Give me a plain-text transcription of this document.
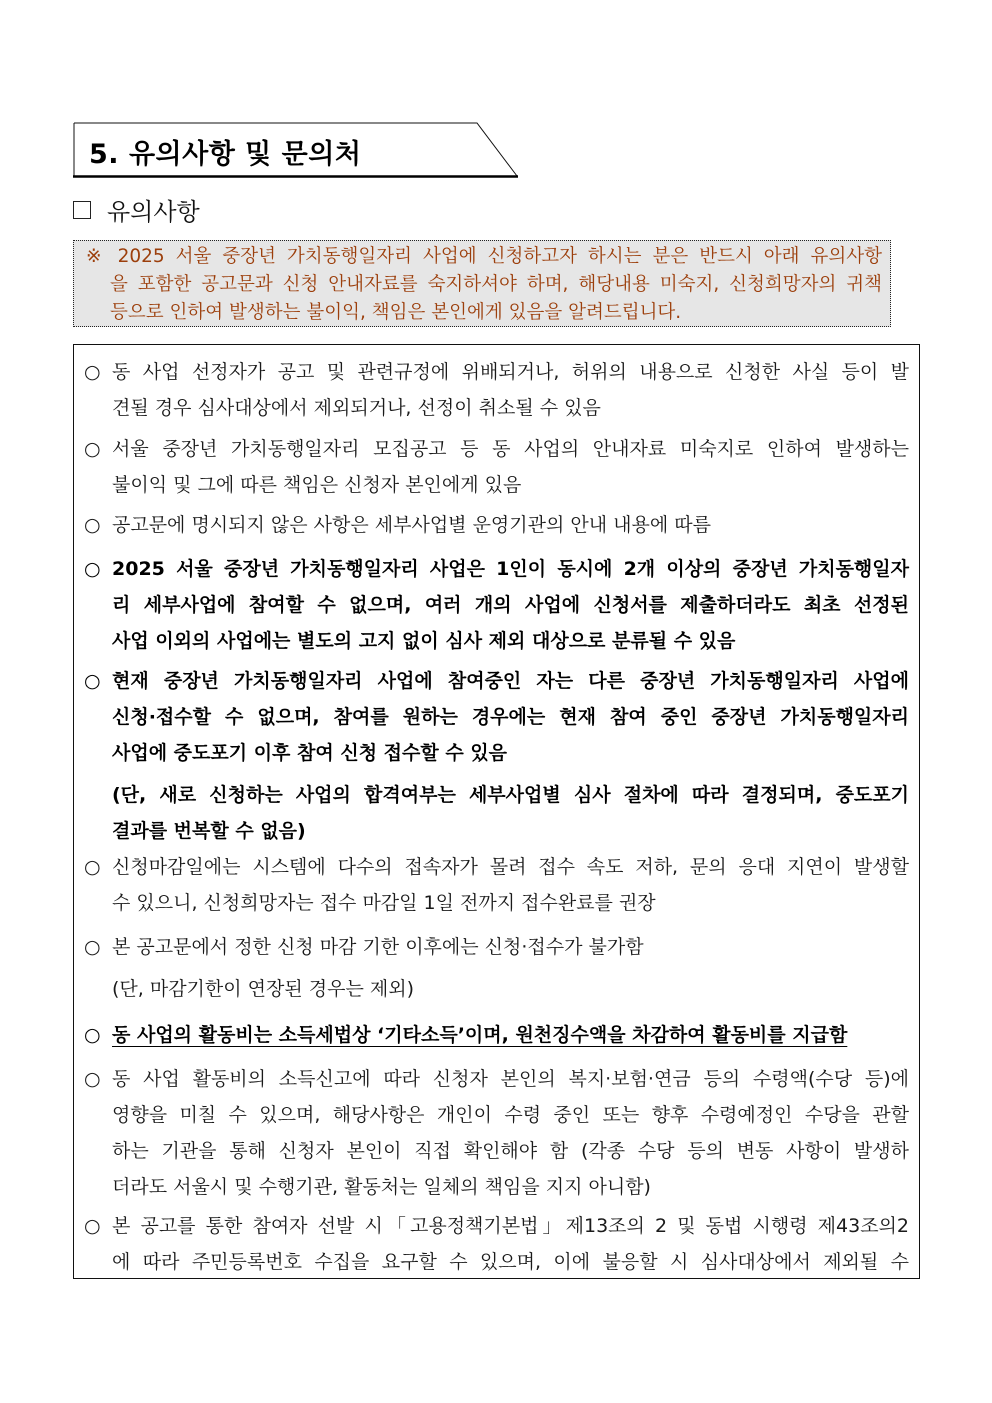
5. 유의사항 및 문의처
유의사항
※ 2025 서울 중장년 가치동행일자리 사업에 신청하고자 하시는 분은 반드시 아래 유의사항
을 포함한 공고문과 신청 안내자료를 숙지하셔야 하며, 해당내용 미숙지, 신청희망자의 귀책
등으로 인하여 발생하는 불이익, 책임은 본인에게 있음을 알려드립니다.
○ 동 사업 선정자가 공고 및 관련규정에 위배되거나, 허위의 내용으로 신청한 사실 등이 발
견될 경우 심사대상에서 제외되거나, 선정이 취소될 수 있음
○ 서울 중장년 가치동행일자리 모집공고 등 동 사업의 안내자료 미숙지로 인하여 발생하는
불이익 및 그에 따른 책임은 신청자 본인에게 있음
○ 공고문에 명시되지 않은 사항은 세부사업별 운영기관의 안내 내용에 따름
○ 2025 서울 중장년 가치동행일자리 사업은 1인이 동시에 2개 이상의 중장년 가치동행일자
리 세부사업에 참여할 수 없으며, 여러 개의 사업에 신청서를 제출하더라도 최초 선정된
사업 이외의 사업에는 별도의 고지 없이 심사 제외 대상으로 분류될 수 있음
○ 현재 중장년 가치동행일자리 사업에 참여중인 자는 다른 중장년 가치동행일자리 사업에
신청·접수할 수 없으며, 참여를 원하는 경우에는 현재 참여 중인 중장년 가치동행일자리
사업에 중도포기 이후 참여 신청 접수할 수 있음
(단, 새로 신청하는 사업의 합격여부는 세부사업별 심사 절차에 따라 결정되며, 중도포기
결과를 번복할 수 없음)
○ 신청마감일에는 시스템에 다수의 접속자가 몰려 접수 속도 저하, 문의 응대 지연이 발생할
수 있으니, 신청희망자는 접수 마감일 1일 전까지 접수완료를 권장
○ 본 공고문에서 정한 신청 마감 기한 이후에는 신청·접수가 불가함
(단, 마감기한이 연장된 경우는 제외)
○ 동 사업의 활동비는 소득세법상 ‘기타소득’이며, 원천징수액을 차감하여 활동비를 지급함
○ 동 사업 활동비의 소득신고에 따라 신청자 본인의 복지·보험·연금 등의 수령액(수당 등)에
영향을 미칠 수 있으며, 해당사항은 개인이 수령 중인 또는 향후 수령예정인 수당을 관할
하는 기관을 통해 신청자 본인이 직접 확인해야 함 (각종 수당 등의 변동 사항이 발생하
더라도 서울시 및 수행기관, 활동처는 일체의 책임을 지지 아니함)
○ 본 공고를 통한 참여자 선발 시「고용정책기본법」제13조의 2 및 동법 시행령 제43조의2
에 따라 주민등록번호 수집을 요구할 수 있으며, 이에 불응할 시 심사대상에서 제외될 수
